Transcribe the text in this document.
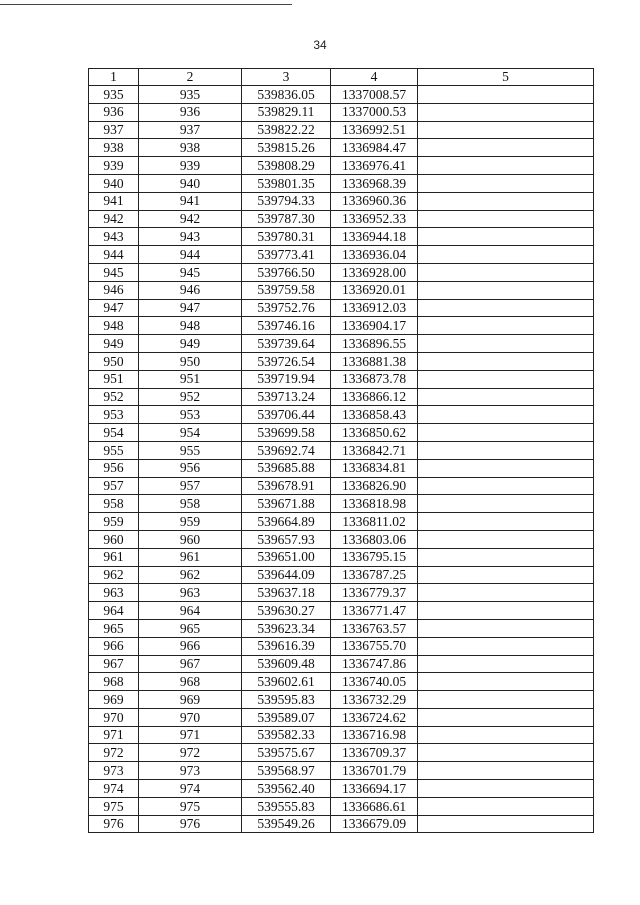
34
1	2	3	4	5
935	935	539836.05	1337008.57	
936	936	539829.11	1337000.53	
937	937	539822.22	1336992.51	
938	938	539815.26	1336984.47	
939	939	539808.29	1336976.41	
940	940	539801.35	1336968.39	
941	941	539794.33	1336960.36	
942	942	539787.30	1336952.33	
943	943	539780.31	1336944.18	
944	944	539773.41	1336936.04	
945	945	539766.50	1336928.00	
946	946	539759.58	1336920.01	
947	947	539752.76	1336912.03	
948	948	539746.16	1336904.17	
949	949	539739.64	1336896.55	
950	950	539726.54	1336881.38	
951	951	539719.94	1336873.78	
952	952	539713.24	1336866.12	
953	953	539706.44	1336858.43	
954	954	539699.58	1336850.62	
955	955	539692.74	1336842.71	
956	956	539685.88	1336834.81	
957	957	539678.91	1336826.90	
958	958	539671.88	1336818.98	
959	959	539664.89	1336811.02	
960	960	539657.93	1336803.06	
961	961	539651.00	1336795.15	
962	962	539644.09	1336787.25	
963	963	539637.18	1336779.37	
964	964	539630.27	1336771.47	
965	965	539623.34	1336763.57	
966	966	539616.39	1336755.70	
967	967	539609.48	1336747.86	
968	968	539602.61	1336740.05	
969	969	539595.83	1336732.29	
970	970	539589.07	1336724.62	
971	971	539582.33	1336716.98	
972	972	539575.67	1336709.37	
973	973	539568.97	1336701.79	
974	974	539562.40	1336694.17	
975	975	539555.83	1336686.61	
976	976	539549.26	1336679.09	
